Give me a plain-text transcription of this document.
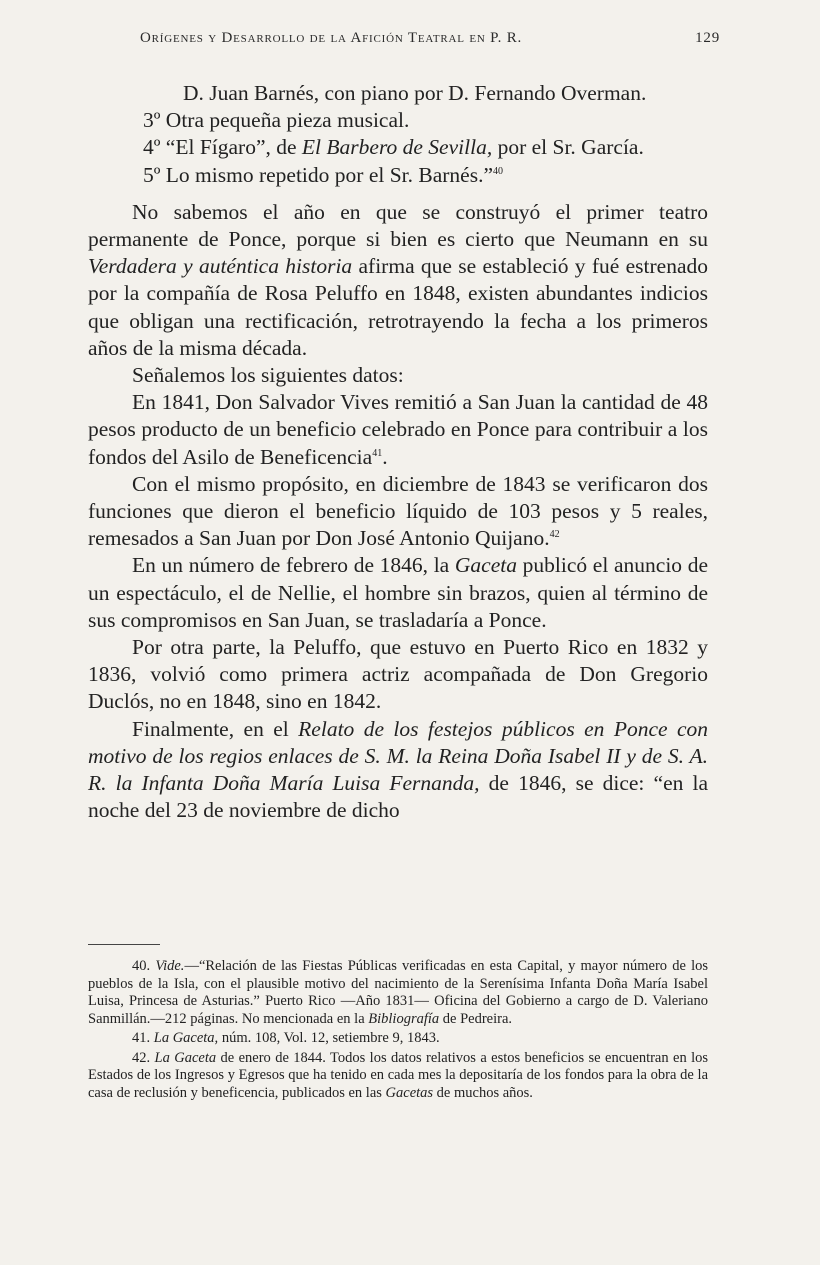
Orígenes y Desarrollo de la Afición Teatral en P. R.	129

D. Juan Barnés, con piano por D. Fernando Overman.

3º Otra pequeña pieza musical.

4º “El Fígaro”, de El Barbero de Sevilla, por el Sr. García.

5º Lo mismo repetido por el Sr. Barnés.”$^{40}$

No sabemos el año en que se construyó el primer teatro permanente de Ponce, porque si bien es cierto que Neumann en su Verdadera y auténtica historia afirma que se estableció y fué estrenado por la compañía de Rosa Peluffo en 1848, existen abundantes indicios que obligan una rectificación, retrotrayendo la fecha a los primeros años de la misma década.

Señalemos los siguientes datos:

En 1841, Don Salvador Vives remitió a San Juan la cantidad de 48 pesos producto de un beneficio celebrado en Ponce para contribuir a los fondos del Asilo de Beneficencia$^{41}$.

Con el mismo propósito, en diciembre de 1843 se verificaron dos funciones que dieron el beneficio líquido de 103 pesos y 5 reales, remesados a San Juan por Don José Antonio Quijano.$^{42}$

En un número de febrero de 1846, la Gaceta publicó el anuncio de un espectáculo, el de Nellie, el hombre sin brazos, quien al término de sus compromisos en San Juan, se trasladaría a Ponce.

Por otra parte, la Peluffo, que estuvo en Puerto Rico en 1832 y 1836, volvió como primera actriz acompañada de Don Gregorio Duclós, no en 1848, sino en 1842.

Finalmente, en el Relato de los festejos públicos en Ponce con motivo de los regios enlaces de S. M. la Reina Doña Isabel II y de S. A. R. la Infanta Doña María Luisa Fernanda, de 1846, se dice: “en la noche del 23 de noviembre de dicho

40. Vide.—“Relación de las Fiestas Públicas verificadas en esta Capital, y mayor número de los pueblos de la Isla, con el plausible motivo del nacimiento de la Serenísima Infanta Doña María Isabel Luisa, Princesa de Asturias.” Puerto Rico —Año 1831— Oficina del Gobierno a cargo de D. Valeriano Sanmillán.—212 páginas. No mencionada en la Bibliografía de Pedreira.

41. La Gaceta, núm. 108, Vol. 12, setiembre 9, 1843.

42. La Gaceta de enero de 1844. Todos los datos relativos a estos beneficios se encuentran en los Estados de los Ingresos y Egresos que ha tenido en cada mes la depositaría de los fondos para la obra de la casa de reclusión y beneficencia, publicados en las Gacetas de muchos años.
